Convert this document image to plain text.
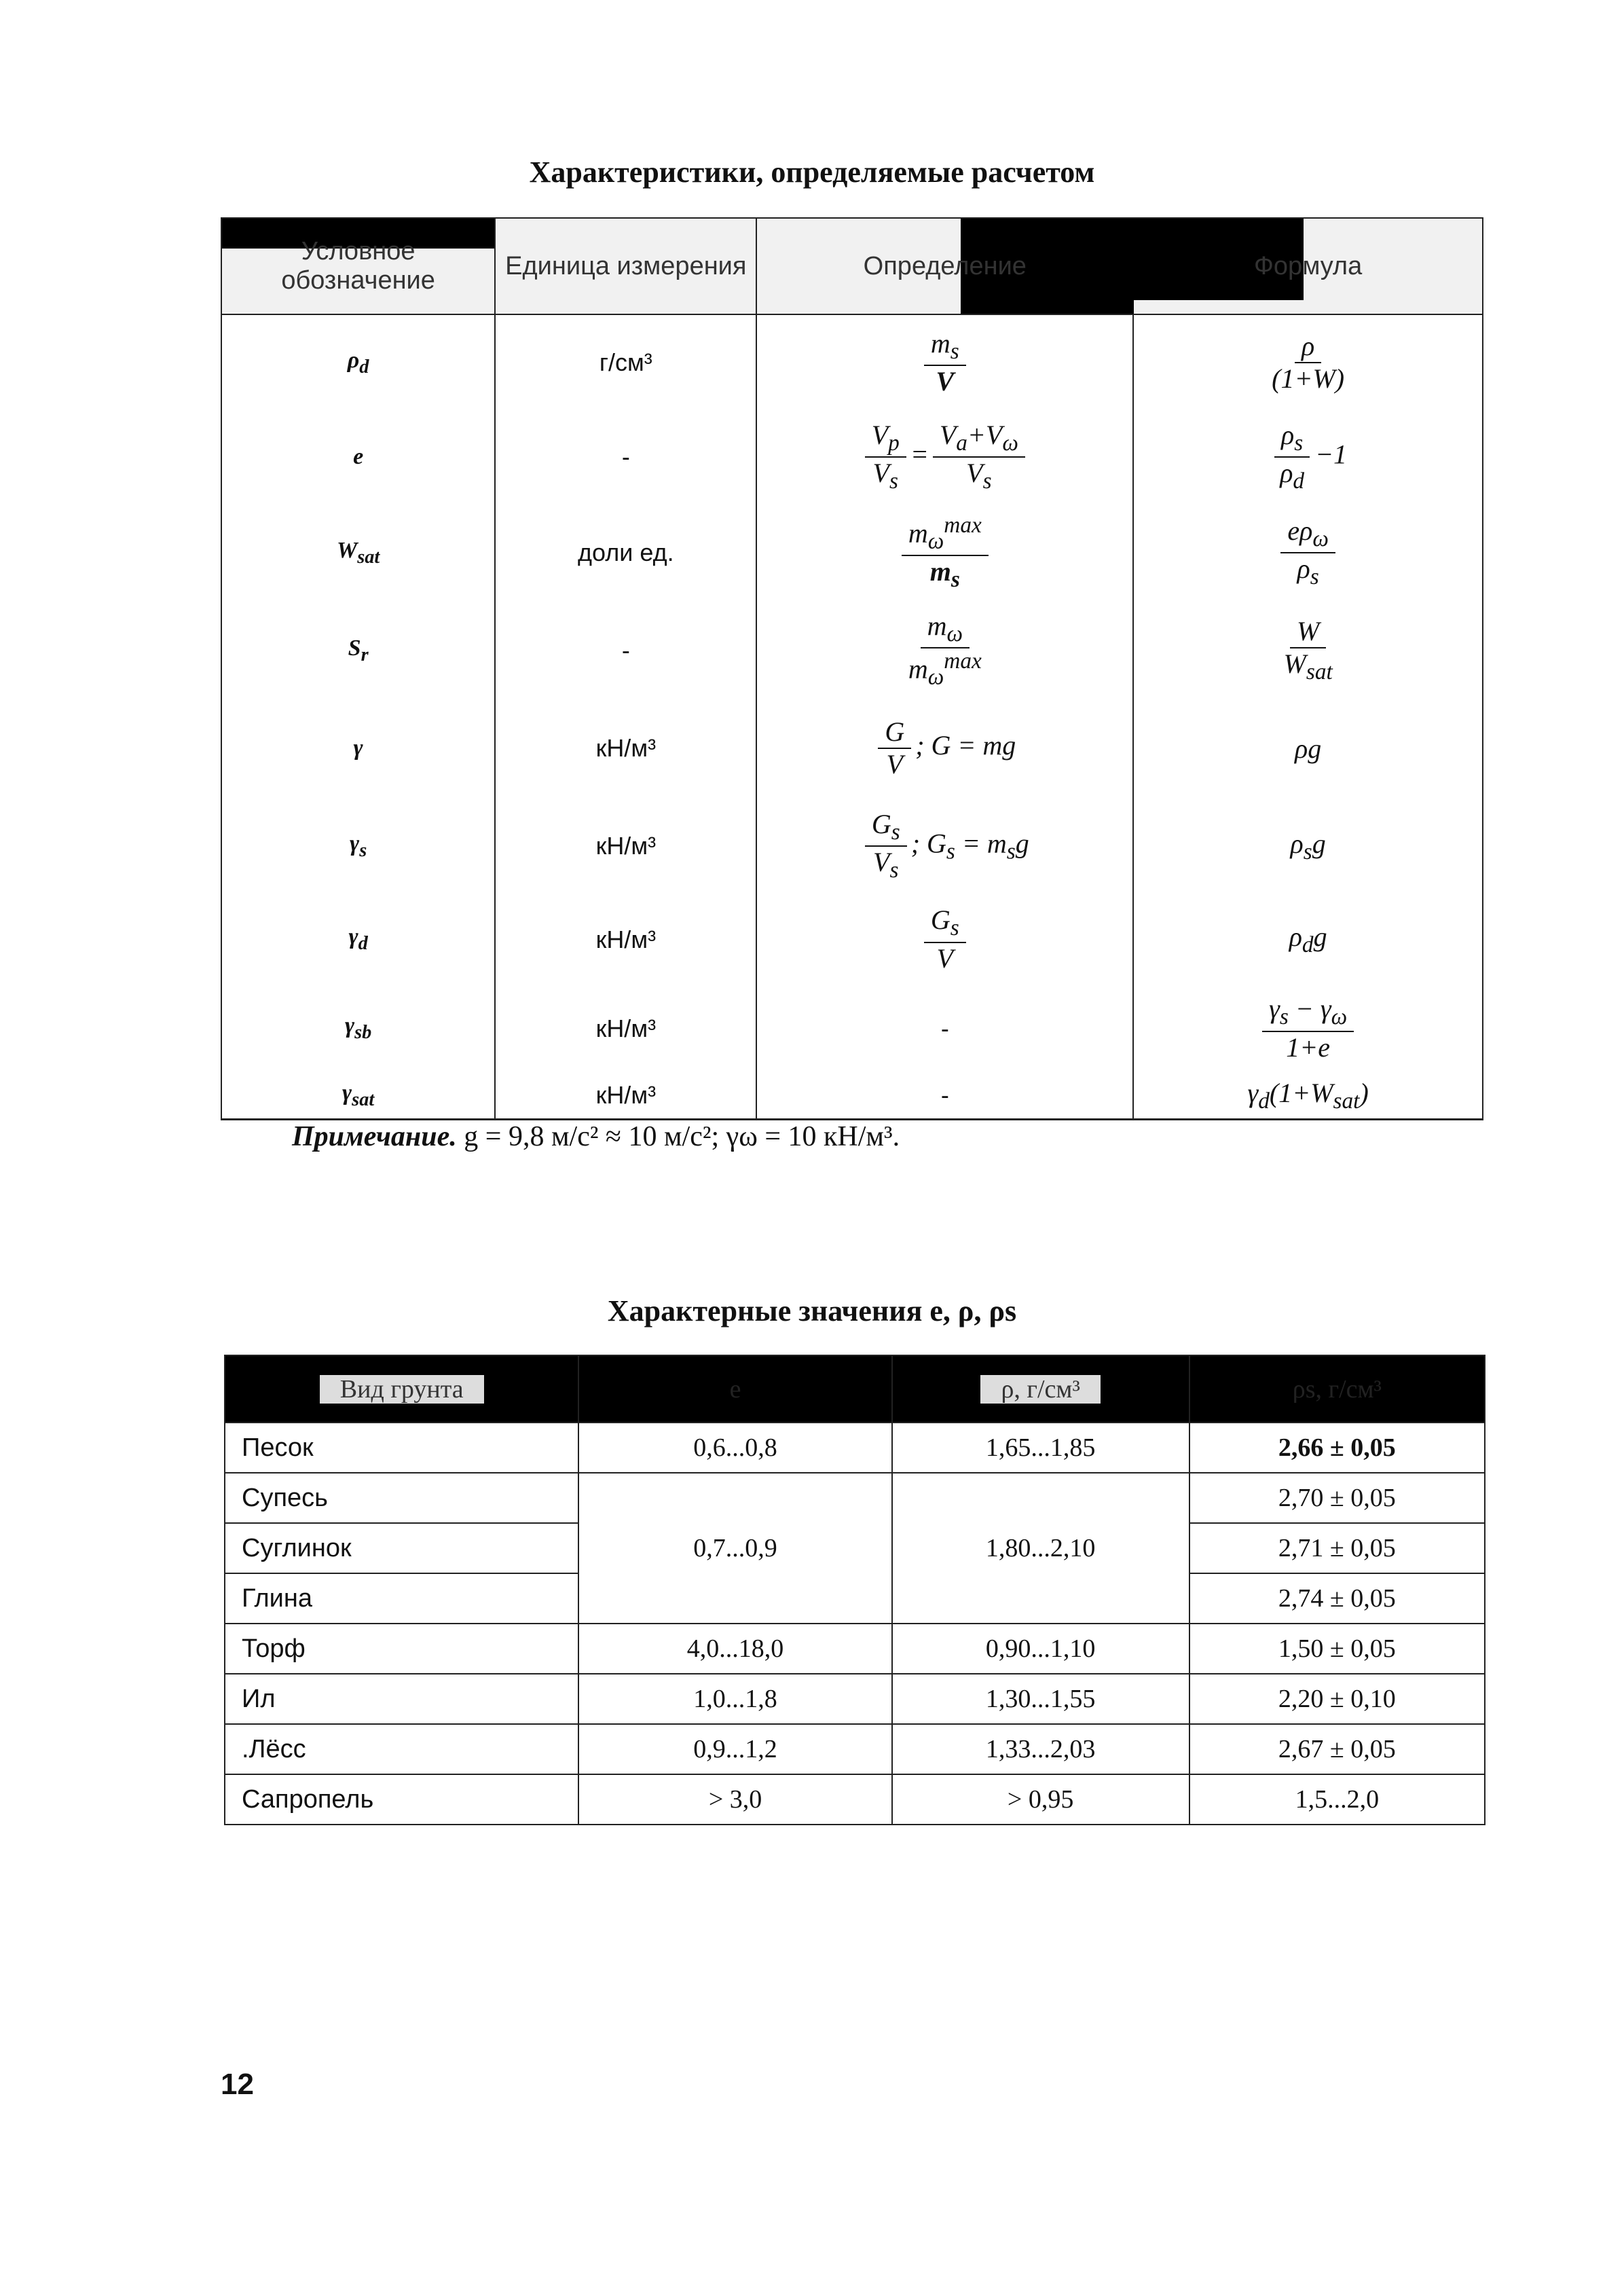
Характеристики, определяемые расчетом
Условное обозначение	Единица измерения	Определение	Формула
$\rho_d$	г/см³	$\frac{m_s}{V}$	$\frac{\rho}{(1+W)}$

e	-	$\frac{V_p}{V_s} = \frac{V_a+V_\omega}{V_s}$	$\frac{\rho_s}{\rho_d} -1$
$W_{sat}$	доли ед.	$\frac{m_\omega^{max}}{m_s}$	$\frac{e\rho_\omega}{\rho_s}$

$S_r$	-	$\frac{m_\omega}{m_\omega^{max}}$	$\frac{W}{W_{sat}}$

γ	кН/м³	$\frac{G}{V}$ ; G = mg	ρg
$\gamma_s$	кН/м³	$\frac{G_s}{V_s}$ ; $G_s = m_sg$	$\rho_sg$
$\gamma_d$	кН/м³	$\frac{G_s}{V}$	$\rho_dg$
$\gamma_{sb}$	кН/м³	-	$\frac{\gamma_s - \gamma_\omega}{1+e}$

$\gamma_{sat}$	кН/м³	-	$\gamma_d(1+W_{sat})$
Примечание. g = 9,8 м/с² ≈ 10 м/с²; γω = 10 кН/м³.
Характерные значения e, ρ, ρs
Вид грунта	e	ρ, г/см³	ρs, г/см³
Песок	0,6...0,8	1,65...1,85	2,66 ± 0,05
Супесь	0,7...0,9	1,80...2,10	2,70 ± 0,05
Суглинок			2,71 ± 0,05
Глина			2,74 ± 0,05
Торф	4,0...18,0	0,90...1,10	1,50 ± 0,05
Ил	1,0...1,8	1,30...1,55	2,20 ± 0,10
.Лёсс	0,9...1,2	1,33...2,03	2,67 ± 0,05
Сапропель	> 3,0	> 0,95	1,5...2,0
12
